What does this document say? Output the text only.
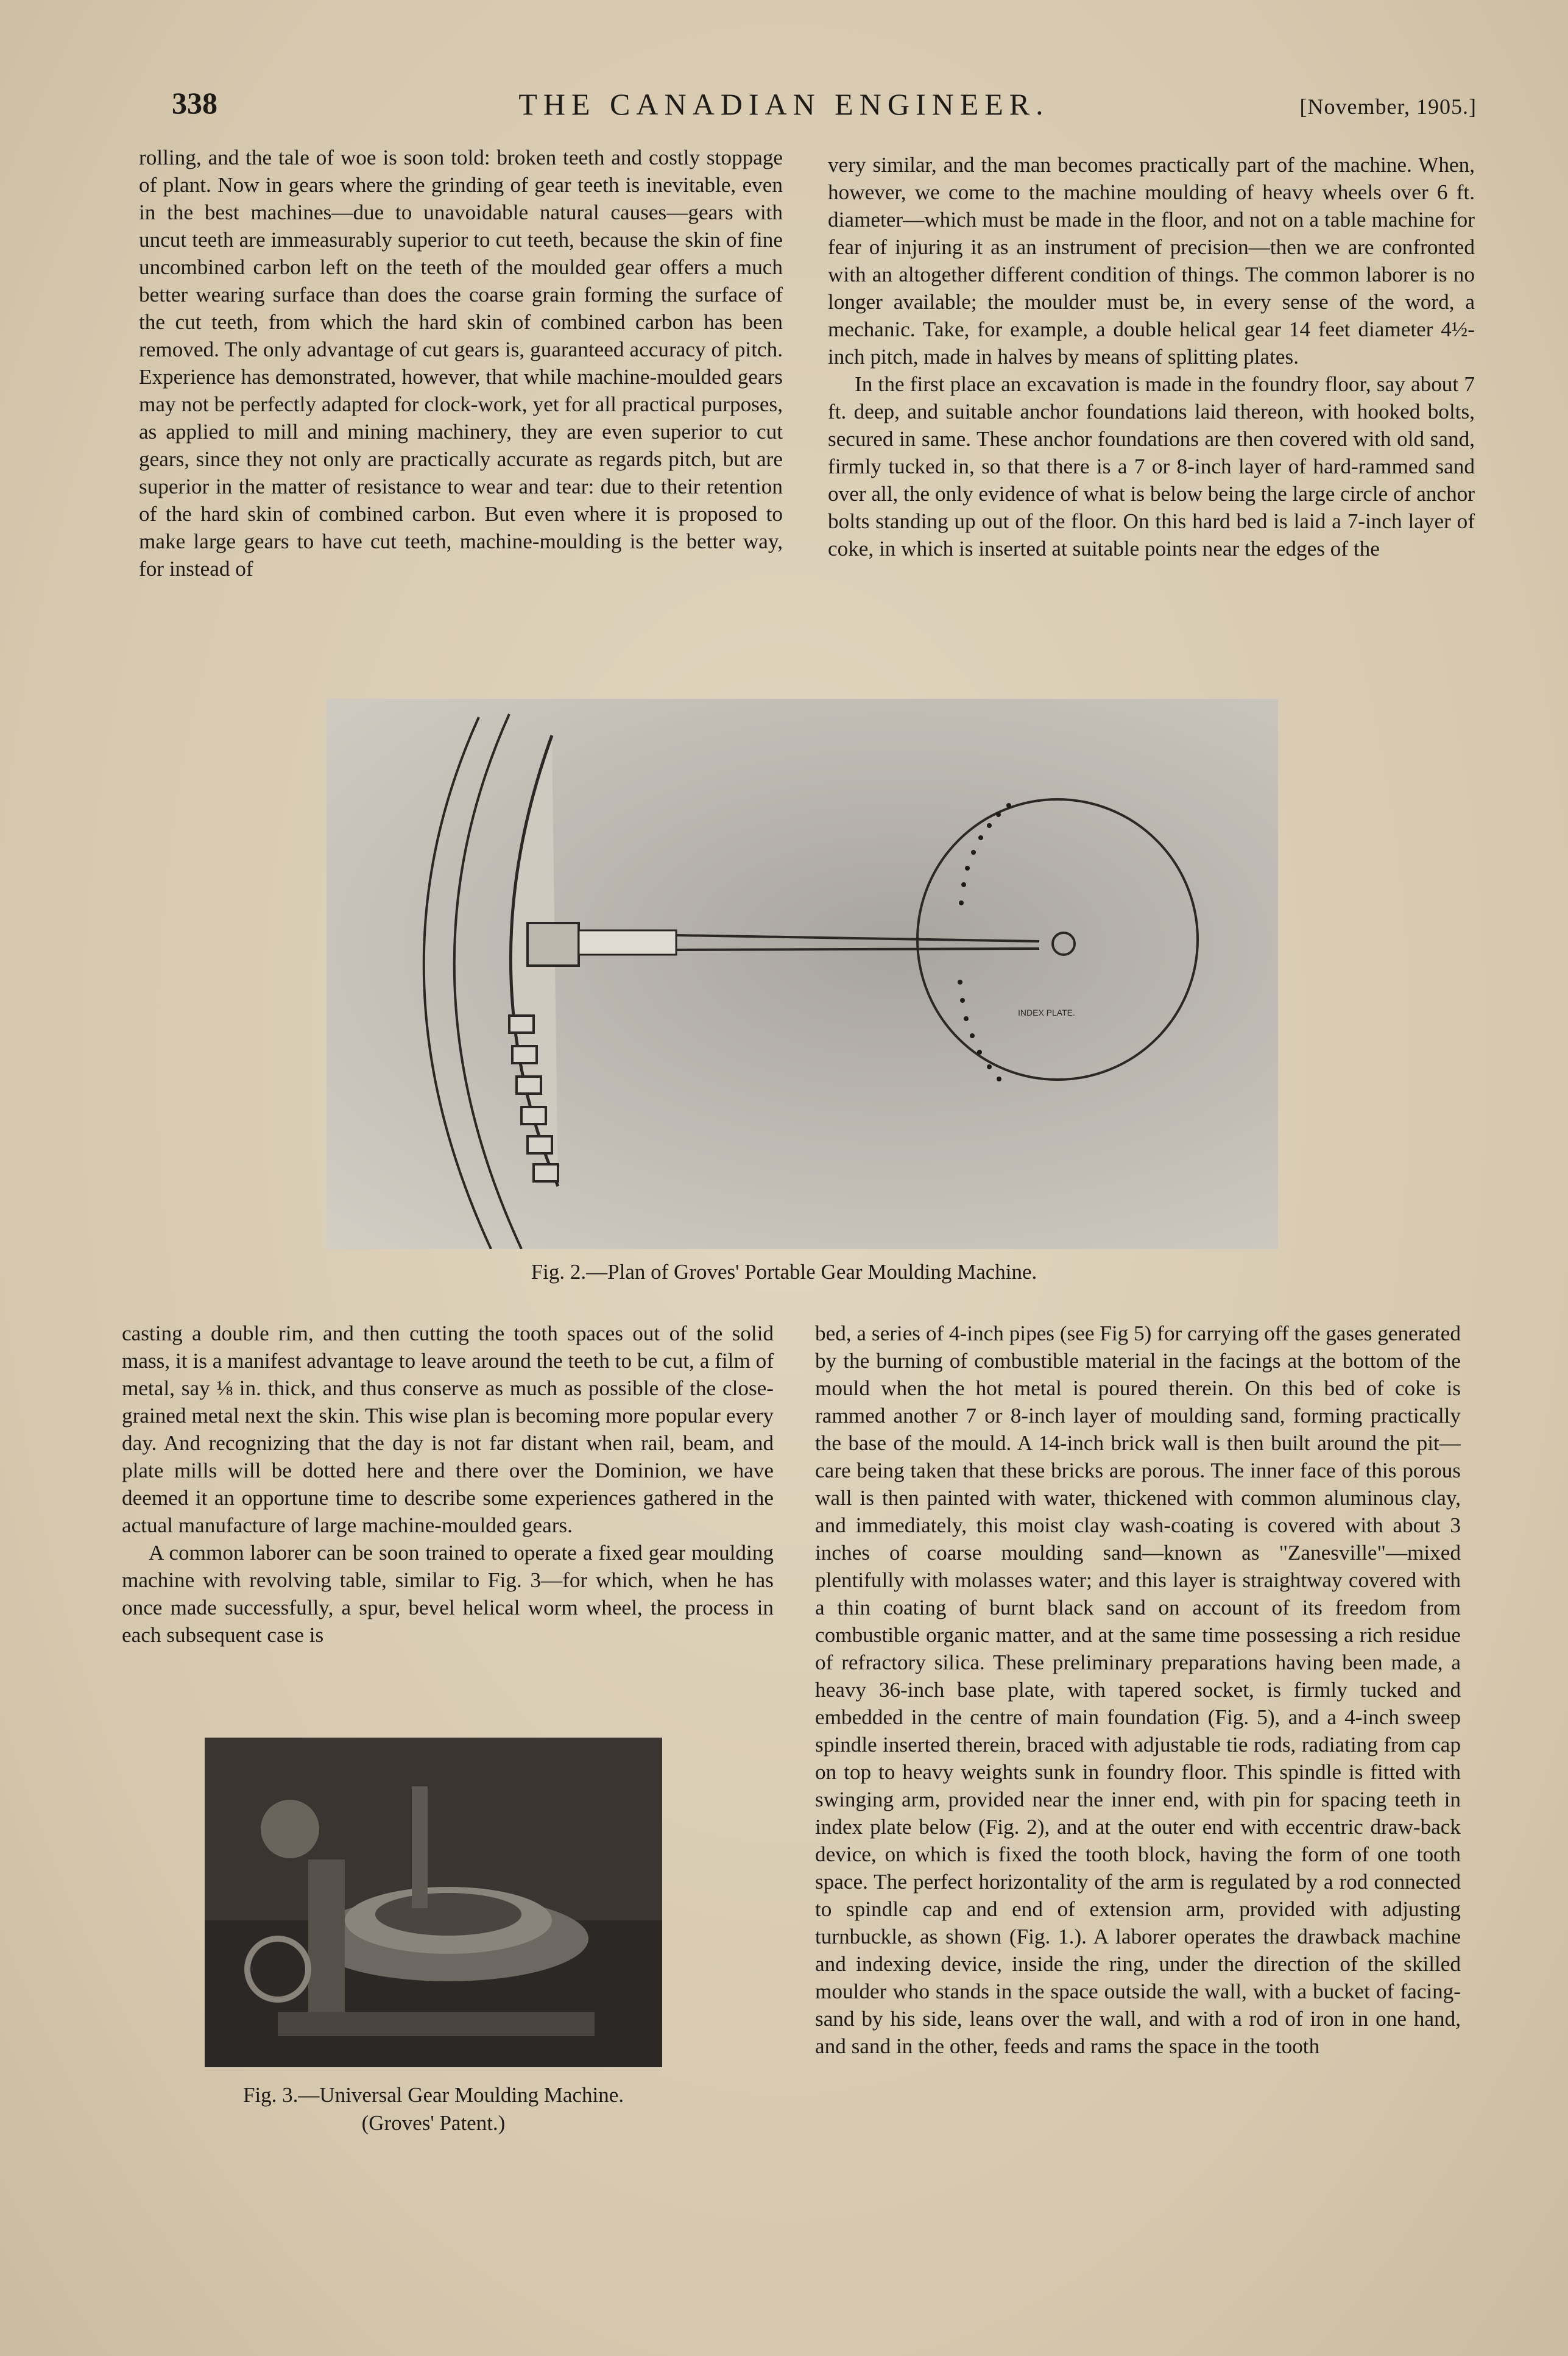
338	THE CANADIAN ENGINEER.	[November, 1905.]

rolling, and the tale of woe is soon told: broken teeth and costly stoppage of plant. Now in gears where the grinding of gear teeth is inevitable, even in the best machines—due to unavoidable natural causes—gears with uncut teeth are immeasurably superior to cut teeth, because the skin of fine uncombined carbon left on the teeth of the moulded gear offers a much better wearing surface than does the coarse grain forming the surface of the cut teeth, from which the hard skin of combined carbon has been removed. The only advantage of cut gears is, guaranteed accuracy of pitch. Experience has demonstrated, however, that while machine-moulded gears may not be perfectly adapted for clock-work, yet for all practical purposes, as applied to mill and mining machinery, they are even superior to cut gears, since they not only are practically accurate as regards pitch, but are superior in the matter of resistance to wear and tear: due to their retention of the hard skin of combined carbon. But even where it is proposed to make large gears to have cut teeth, machine-moulding is the better way, for instead of

very similar, and the man becomes practically part of the machine. When, however, we come to the machine moulding of heavy wheels over 6 ft. diameter—which must be made in the floor, and not on a table machine for fear of injuring it as an instrument of precision—then we are confronted with an altogether different condition of things. The common laborer is no longer available; the moulder must be, in every sense of the word, a mechanic. Take, for example, a double helical gear 14 feet diameter 4½-inch pitch, made in halves by means of splitting plates.

In the first place an excavation is made in the foundry floor, say about 7 ft. deep, and suitable anchor foundations laid thereon, with hooked bolts, secured in same. These anchor foundations are then covered with old sand, firmly tucked in, so that there is a 7 or 8-inch layer of hard-rammed sand over all, the only evidence of what is below being the large circle of anchor bolts standing up out of the floor. On this hard bed is laid a 7-inch layer of coke, in which is inserted at suitable points near the edges of the

INDEX PLATE.
Fig. 2.—Plan of Groves' Portable Gear Moulding Machine.

casting a double rim, and then cutting the tooth spaces out of the solid mass, it is a manifest advantage to leave around the teeth to be cut, a film of metal, say ⅛ in. thick, and thus conserve as much as possible of the close-grained metal next the skin. This wise plan is becoming more popular every day. And recognizing that the day is not far distant when rail, beam, and plate mills will be dotted here and there over the Dominion, we have deemed it an opportune time to describe some experiences gathered in the actual manufacture of large machine-moulded gears.

A common laborer can be soon trained to operate a fixed gear moulding machine with revolving table, similar to Fig. 3—for which, when he has once made successfully, a spur, bevel helical worm wheel, the process in each subsequent case is

Fig. 3.—Universal Gear Moulding Machine.
(Groves' Patent.)

bed, a series of 4-inch pipes (see Fig 5) for carrying off the gases generated by the burning of combustible material in the facings at the bottom of the mould when the hot metal is poured therein. On this bed of coke is rammed another 7 or 8-inch layer of moulding sand, forming practically the base of the mould. A 14-inch brick wall is then built around the pit—care being taken that these bricks are porous. The inner face of this porous wall is then painted with water, thickened with common aluminous clay, and immediately, this moist clay wash-coating is covered with about 3 inches of coarse moulding sand—known as "Zanesville"—mixed plentifully with molasses water; and this layer is straightway covered with a thin coating of burnt black sand on account of its freedom from combustible organic matter, and at the same time possessing a rich residue of refractory silica. These preliminary preparations having been made, a heavy 36-inch base plate, with tapered socket, is firmly tucked and embedded in the centre of main foundation (Fig. 5), and a 4-inch sweep spindle inserted therein, braced with adjustable tie rods, radiating from cap on top to heavy weights sunk in foundry floor. This spindle is fitted with swinging arm, provided near the inner end, with pin for spacing teeth in index plate below (Fig. 2), and at the outer end with eccentric draw-back device, on which is fixed the tooth block, having the form of one tooth space. The perfect horizontality of the arm is regulated by a rod connected to spindle cap and end of extension arm, provided with adjusting turnbuckle, as shown (Fig. 1.). A laborer operates the drawback machine and indexing device, inside the ring, under the direction of the skilled moulder who stands in the space outside the wall, with a bucket of facing-sand by his side, leans over the wall, and with a rod of iron in one hand, and sand in the other, feeds and rams the space in the tooth
